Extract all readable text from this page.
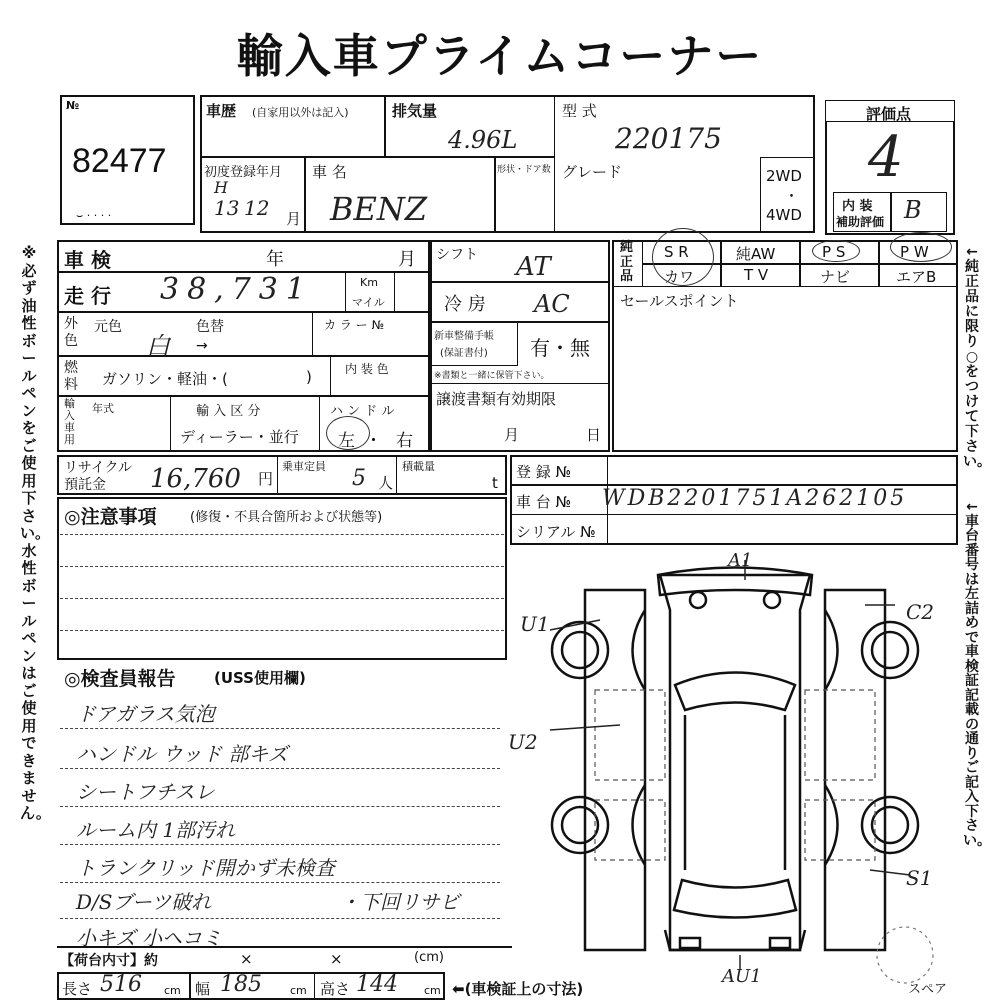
輸入車プライムコーナー
※必ず油性ボールペンをご使用下さい。水性ボールペンはご使用できません。
←純正品に限り○をつけて下さい。
←車台番号は左詰めで車検証記載の通りご記入下さい。
№
82477
⌣ · · · ·
車歴 (自家用以外は記入)	排気量
4.96L
型 式
220175
初度登録年月
H
13 12 月
車 名
BENZ
形状・ドア数 グレード	2WD
・
4WD
評価点
4
内 装
補助評価 B
車 検	年	月
走 行 38,731	Km
マイル
外色
元色
白
色替
→
カ ラ ー №
燃料 ガソリン・軽油・(	)	内 装 色
輸入車用
年式	輸 入 区 分
ディーラー・並行
ハ ン ド ル
左 ・ 右
シフト AT
冷 房 AC
新車整備手帳
(保証書付) 有・無
※書類と一緒に保管下さい。
譲渡書類有効期限
月	日
純正品
S R	純AW	P S	P W
カワ	T V	ナビ	エアB
セールスポイント
リサイクル
預託金 16,760 円
乗車定員 5 人
積載量
t
登 録 №
車 台 № WDB2201751A262105
シリアル №
◎注意事項	(修復・不具合箇所および状態等)
◎検査員報告	(USS使用欄)
ドアガラス気泡
ハンドル ウッド 部キズ
シートフチスレ
ルーム内 1部汚れ
トランクリッド開かず未検査
D/Sブーツ破れ	・下回リサビ
小キズ 小ヘコミ
【荷台内寸】約	×	×	(cm)
長さ 516 cm 幅 185	cm 高さ 144 cm ⬅(車検証上の寸法)
A1
U1	C2
U2
S1
AU1
スペア
